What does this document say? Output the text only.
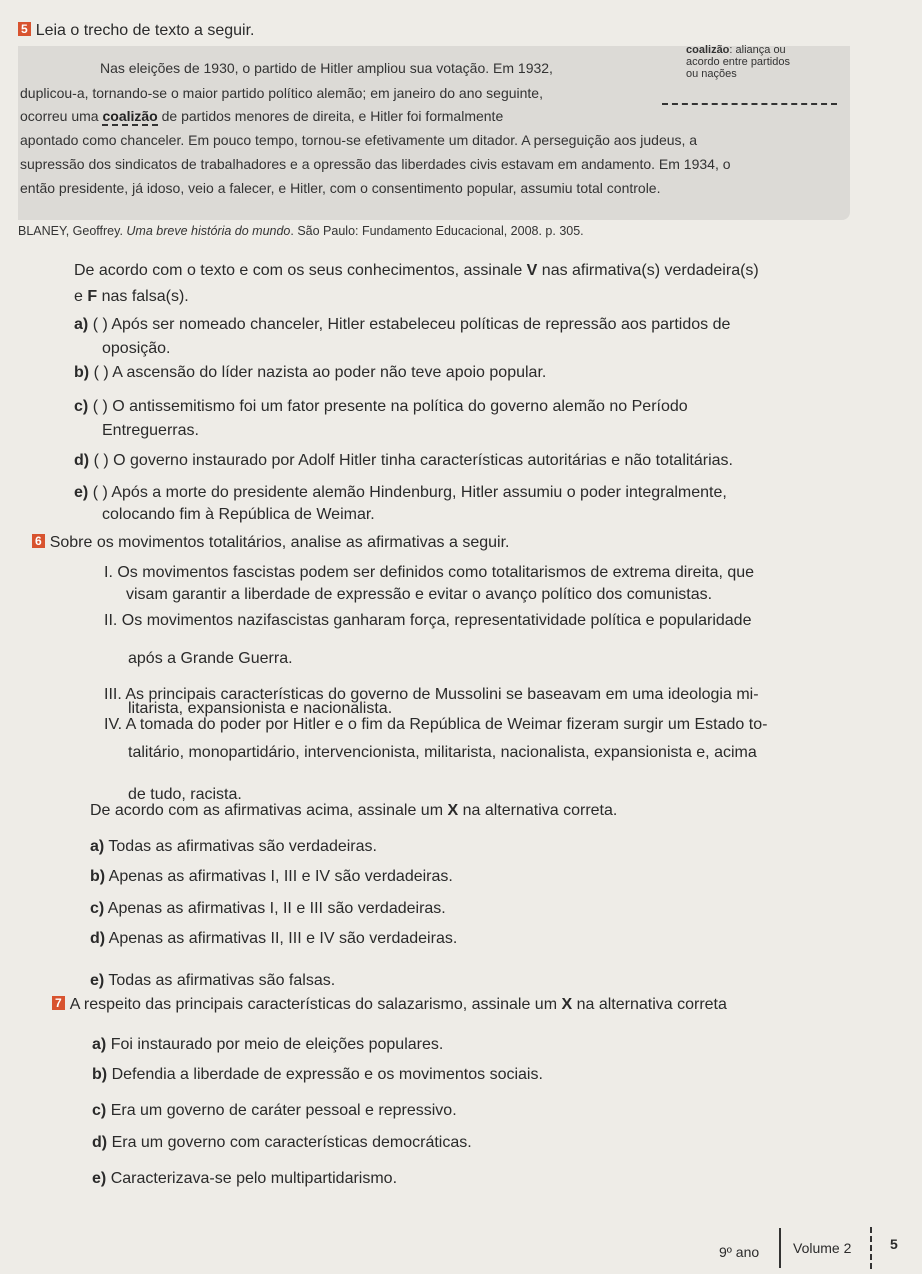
5 Leia o trecho de texto a seguir.
Nas eleições de 1930, o partido de Hitler ampliou sua votação. Em 1932,
duplicou-a, tornando-se o maior partido político alemão; em janeiro do ano seguinte,
ocorreu uma coalizão de partidos menores de direita, e Hitler foi formalmente
apontado como chanceler. Em pouco tempo, tornou-se efetivamente um ditador. A perseguição aos judeus, a
supressão dos sindicatos de trabalhadores e a opressão das liberdades civis estavam em andamento. Em 1934, o
então presidente, já idoso, veio a falecer, e Hitler, com o consentimento popular, assumiu total controle.
coalizão: aliança ou
acordo entre partidos
ou nações
BLANEY, Geoffrey. Uma breve história do mundo. São Paulo: Fundamento Educacional, 2008. p. 305.
De acordo com o texto e com os seus conhecimentos, assinale V nas afirmativa(s) verdadeira(s)
e F nas falsa(s).
a) ( ) Após ser nomeado chanceler, Hitler estabeleceu políticas de repressão aos partidos de
oposição.
b) ( ) A ascensão do líder nazista ao poder não teve apoio popular.
c) ( ) O antissemitismo foi um fator presente na política do governo alemão no Período
Entreguerras.
d) ( ) O governo instaurado por Adolf Hitler tinha características autoritárias e não totalitárias.
e) ( ) Após a morte do presidente alemão Hindenburg, Hitler assumiu o poder integralmente,
colocando fim à República de Weimar.
6 Sobre os movimentos totalitários, analise as afirmativas a seguir.
I. Os movimentos fascistas podem ser definidos como totalitarismos de extrema direita, que
visam garantir a liberdade de expressão e evitar o avanço político dos comunistas.
II. Os movimentos nazifascistas ganharam força, representatividade política e popularidade
após a Grande Guerra.
III. As principais características do governo de Mussolini se baseavam em uma ideologia mi-
litarista, expansionista e nacionalista.
IV. A tomada do poder por Hitler e o fim da República de Weimar fizeram surgir um Estado to-
talitário, monopartidário, intervencionista, militarista, nacionalista, expansionista e, acima
de tudo, racista.
De acordo com as afirmativas acima, assinale um X na alternativa correta.
a) Todas as afirmativas são verdadeiras.
b) Apenas as afirmativas I, III e IV são verdadeiras.
c) Apenas as afirmativas I, II e III são verdadeiras.
d) Apenas as afirmativas II, III e IV são verdadeiras.
e) Todas as afirmativas são falsas.
7 A respeito das principais características do salazarismo, assinale um X na alternativa correta
a) Foi instaurado por meio de eleições populares.
b) Defendia a liberdade de expressão e os movimentos sociais.
c) Era um governo de caráter pessoal e repressivo.
d) Era um governo com características democráticas.
e) Caracterizava-se pelo multipartidarismo.
9º ano Volume 2	5
